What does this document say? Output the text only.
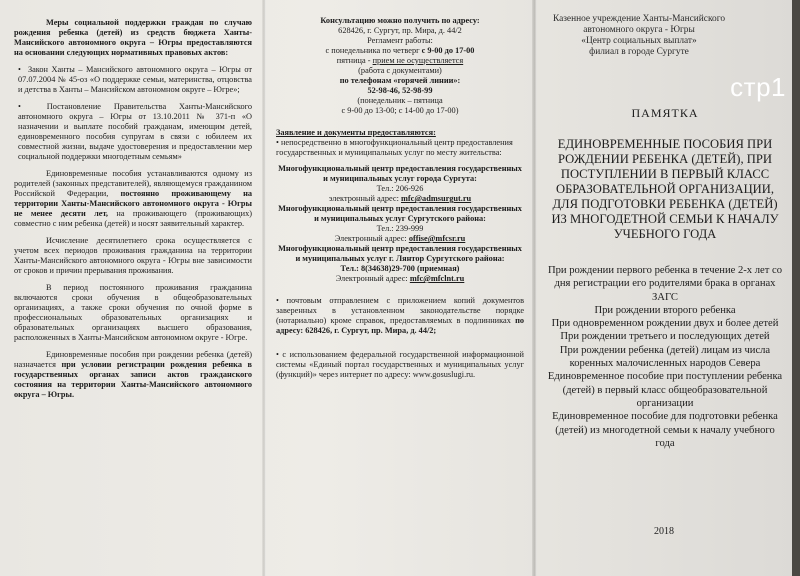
Меры социальной поддержки граждан по случаю рождения ребенка (детей) из средств бюджета Ханты-Мансийского автономного округа – Югры предоставляются на основании следующих нормативных правовых актов:

•  Закон Ханты – Мансийского автономного округа – Югры от 07.07.2004 № 45-оз «О поддержке семьи, материнства, отцовства и детства в Ханты – Мансийском автономном округе – Югре»;

•  Постановление Правительства Ханты-Мансийского автономного округа – Югры от 13.10.2011 № 371-п «О назначении и выплате пособий гражданам, имеющим детей, единовременного пособия супругам в связи с юбилеем их совместной жизни, выдаче удостоверения и предоставлении мер социальной поддержки многодетным семьям»

Единовременные пособия устанавливаются одному из родителей (законных представителей), являющемуся гражданином Российской Федерации, постоянно проживающему на территории Ханты-Мансийского автономного округа - Югры не менее десяти лет, на проживающего (проживающих) совместно с ним ребенка (детей) и носят заявительный характер.

Исчисление десятилетнего срока осуществляется с учетом всех периодов проживания гражданина на территории Ханты-Мансийского автономного округа - Югры вне зависимости от сроков и причин прерывания проживания.

В период постоянного проживания гражданина включаются сроки обучения в общеобразовательных организациях, а также сроки обучения по очной форме в профессиональных образовательных организациях и образовательных организациях высшего образования, расположенных в Ханты-Мансийском автономном округе - Югре.

Единовременные пособия при рождении ребенка (детей) назначается при условии регистрации рождения ребенка в государственных органах записи актов гражданского состояния на территории Ханты-Мансийского автономного округа – Югры.

Консультацию можно получить по адресу:
628426, г. Сургут, пр. Мира, д. 44/2
Регламент работы:
с понедельника по четверг с 9-00 до 17-00
пятница - прием не осуществляется
(работа с документами)
по телефонам «горячей линии»:
52-98-46, 52-98-99
(понедельник – пятница
с 9-00 до 13-00; с 14-00 до 17-00)
Заявление и документы предоставляются:
• непосредственно в многофункциональный центр предоставления государственных и муниципальных услуг по месту жительства:
Многофункциональный центр предоставления государственных и муниципальных услуг города Сургута:
Тел.: 206-926
электронный адрес: mfc@admsurgut.ru
Многофункциональный центр предоставления государственных и муниципальных услуг Сургутского района:
Тел.: 239-999
Электронный адрес: offise@mfcsr.ru
Многофункциональный центр предоставления государственных и муниципальных услуг г. Лянтор Сургутского района:
Тел.: 8(34638)29-700 (приемная)
Электронный адрес: mfc@mfclnt.ru
• почтовым отправлением с приложением копий документов заверенных в установленном законодательстве порядке (нотариально) кроме справок, предоставляемых в подлинниках по адресу: 628426, г. Сургут, пр. Мира, д. 44/2;
• с использованием федеральной государственной информационной системы «Единый портал государственных и муниципальных услуг (функций)» через интернет по адресу: www.gosuslugi.ru.
Казенное учреждение Ханты-Мансийского автономного округа - Югры
«Центр социальных выплат»
филиал в городе Сургуте
стр1
ПАМЯТКА
ЕДИНОВРЕМЕННЫЕ ПОСОБИЯ ПРИ РОЖДЕНИИ РЕБЕНКА (ДЕТЕЙ), ПРИ ПОСТУПЛЕНИИ В ПЕРВЫЙ КЛАСС ОБРАЗОВАТЕЛЬНОЙ ОРГАНИЗАЦИИ, ДЛЯ ПОДГОТОВКИ РЕБЕНКА (ДЕТЕЙ) ИЗ МНОГОДЕТНОЙ СЕМЬИ К НАЧАЛУ УЧЕБНОГО ГОДА
При рождении первого ребенка в течение 2-х лет со дня регистрации его родителями брака в органах ЗАГС
При рождении второго ребенка
При одновременном рождении двух и более детей
При рождении третьего и последующих детей
При рождении ребенка (детей) лицам из числа коренных малочисленных народов Севера
Единовременное пособие при поступлении ребенка (детей) в первый класс общеобразовательной организации
Единовременное пособие для подготовки ребенка (детей) из многодетной семьи к началу учебного года
2018
